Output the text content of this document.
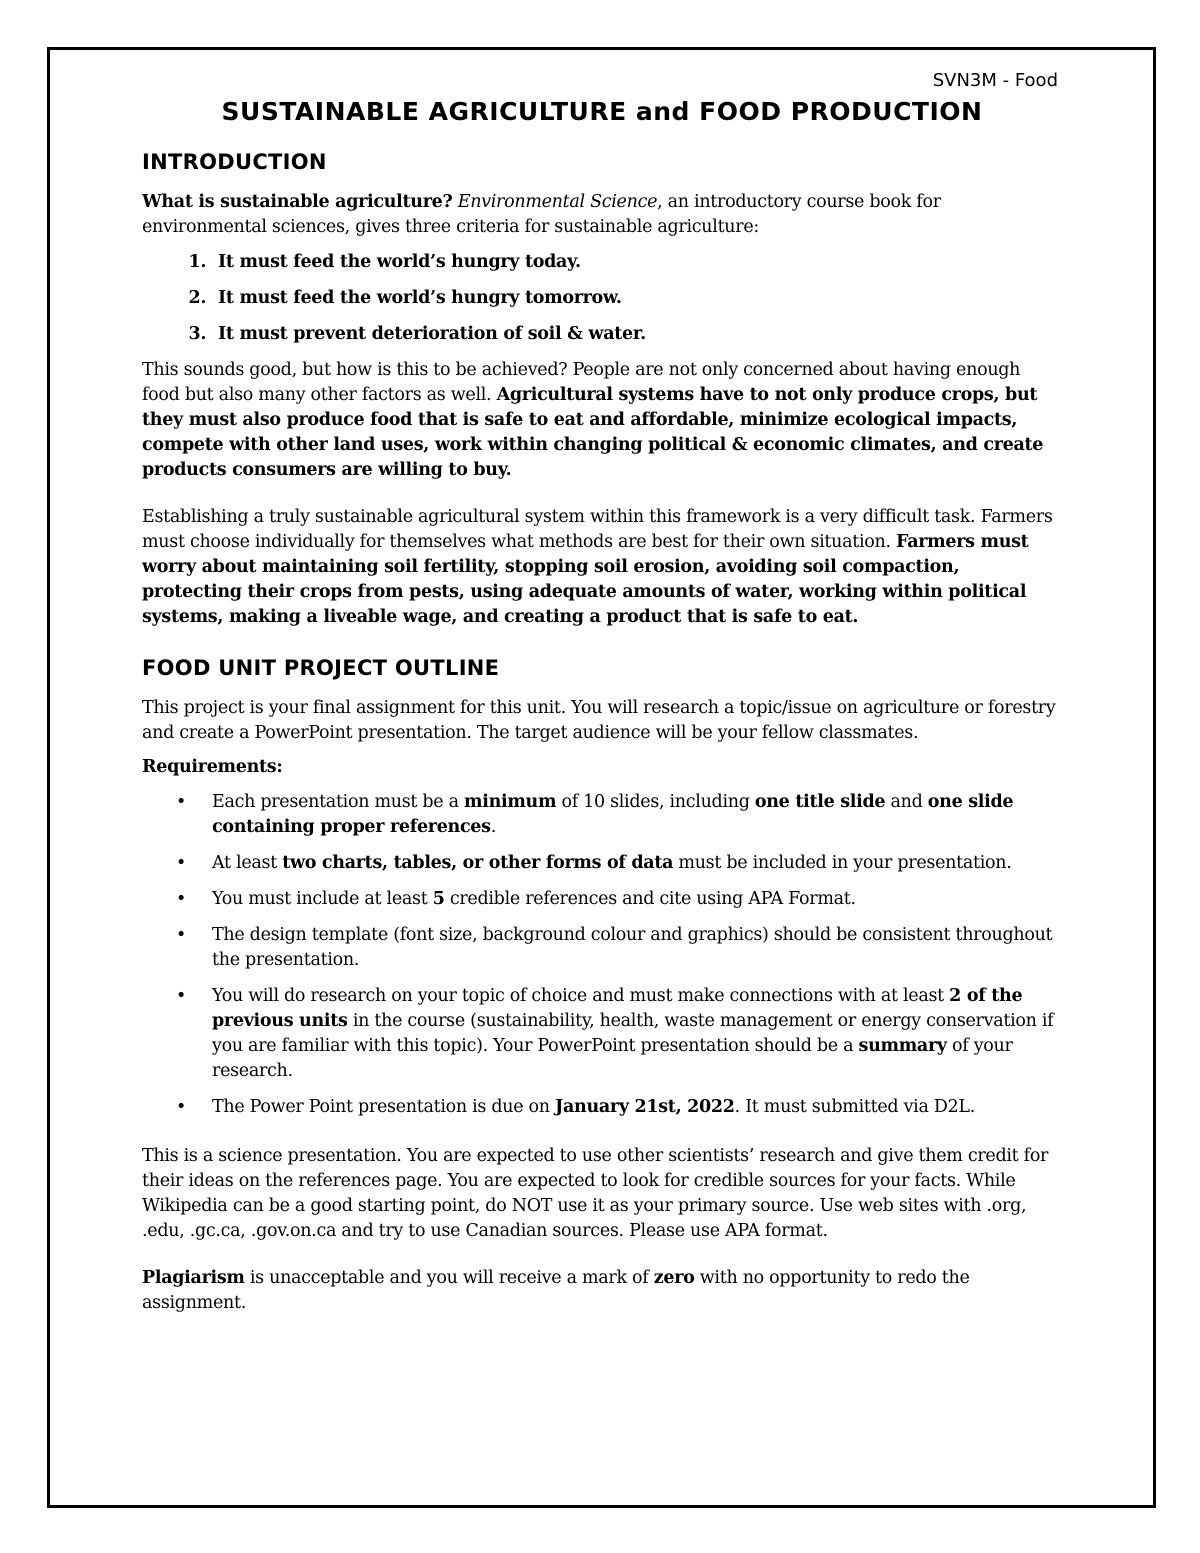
SVN3M - Food
SUSTAINABLE AGRICULTURE and FOOD PRODUCTION
INTRODUCTION

What is sustainable agriculture? Environmental Science, an introductory course book for environmental sciences, gives three criteria for sustainable agriculture:

1. It must feed the world’s hungry today.
2. It must feed the world’s hungry tomorrow.
3. It must prevent deterioration of soil & water.

This sounds good, but how is this to be achieved? People are not only concerned about having enough food but also many other factors as well. Agricultural systems have to not only produce crops, but they must also produce food that is safe to eat and affordable, minimize ecological impacts, compete with other land uses, work within changing political & economic climates, and create products consumers are willing to buy.

Establishing a truly sustainable agricultural system within this framework is a very difficult task. Farmers must choose individually for themselves what methods are best for their own situation. Farmers must worry about maintaining soil fertility, stopping soil erosion, avoiding soil compaction, protecting their crops from pests, using adequate amounts of water, working within political systems, making a liveable wage, and creating a product that is safe to eat.

FOOD UNIT PROJECT OUTLINE

This project is your final assignment for this unit. You will research a topic/issue on agriculture or forestry and create a PowerPoint presentation. The target audience will be your fellow classmates.

Requirements:

• Each presentation must be a minimum of 10 slides, including one title slide and one slide containing proper references.
• At least two charts, tables, or other forms of data must be included in your presentation.
• You must include at least 5 credible references and cite using APA Format.
• The design template (font size, background colour and graphics) should be consistent throughout the presentation.
• You will do research on your topic of choice and must make connections with at least 2 of the previous units in the course (sustainability, health, waste management or energy conservation if you are familiar with this topic). Your PowerPoint presentation should be a summary of your research.
• The Power Point presentation is due on January 21st, 2022. It must submitted via D2L.

This is a science presentation. You are expected to use other scientists’ research and give them credit for their ideas on the references page. You are expected to look for credible sources for your facts. While Wikipedia can be a good starting point, do NOT use it as your primary source. Use web sites with .org, .edu, .gc.ca, .gov.on.ca and try to use Canadian sources. Please use APA format.

Plagiarism is unacceptable and you will receive a mark of zero with no opportunity to redo the assignment.
